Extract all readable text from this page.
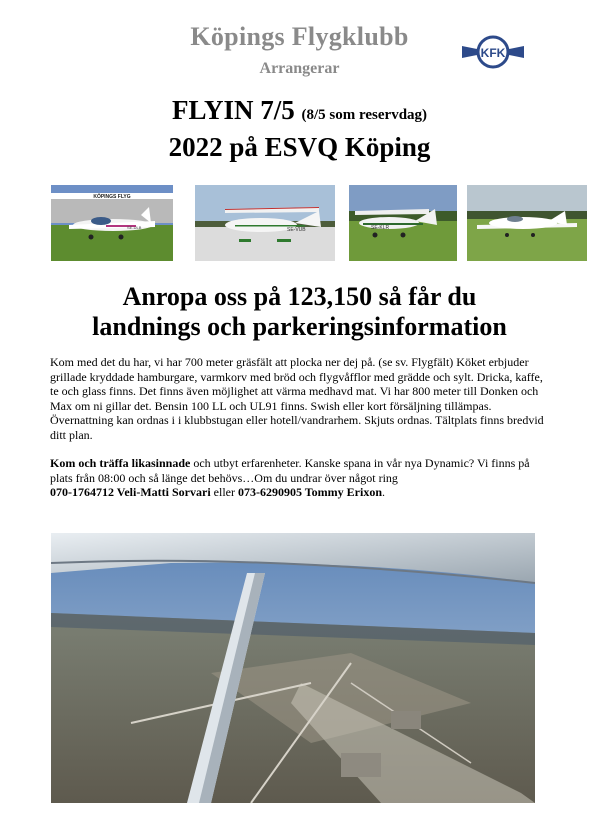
Köpings Flygklubb
Arrangerar
KFK
FLYIN 7/5 (8/5 som reservdag)
2022 på ESVQ Köping
KÖPINGS FLYG
SE-ULB	SE-VUB	SE-KLR
Anropa oss på 123,150 så får du
landnings och parkeringsinformation

Kom med det du har, vi har 700 meter gräsfält att plocka ner dej på. (se sv. Flygfält) Köket erbjuder grillade kryddade hamburgare, varmkorv med bröd och flygvåfflor med grädde och sylt. Dricka, kaffe, te och glass finns. Det finns även möjlighet att värma medhavd mat. Vi har 800 meter till Donken och Max om ni gillar det. Bensin 100 LL och UL91 finns. Swish eller kort försäljning tillämpas. Övernattning kan ordnas i i klubbstugan eller hotell/vandrarhem. Skjuts ordnas. Tältplats finns bredvid ditt plan.

Kom och träffa likasinnade och utbyt erfarenheter. Kanske spana in vår nya Dynamic? Vi finns på plats från 08:00 och så länge det behövs…Om du undrar över något ring
070-1764712 Veli-Matti Sorvari eller 073-6290905 Tommy Erixon.
